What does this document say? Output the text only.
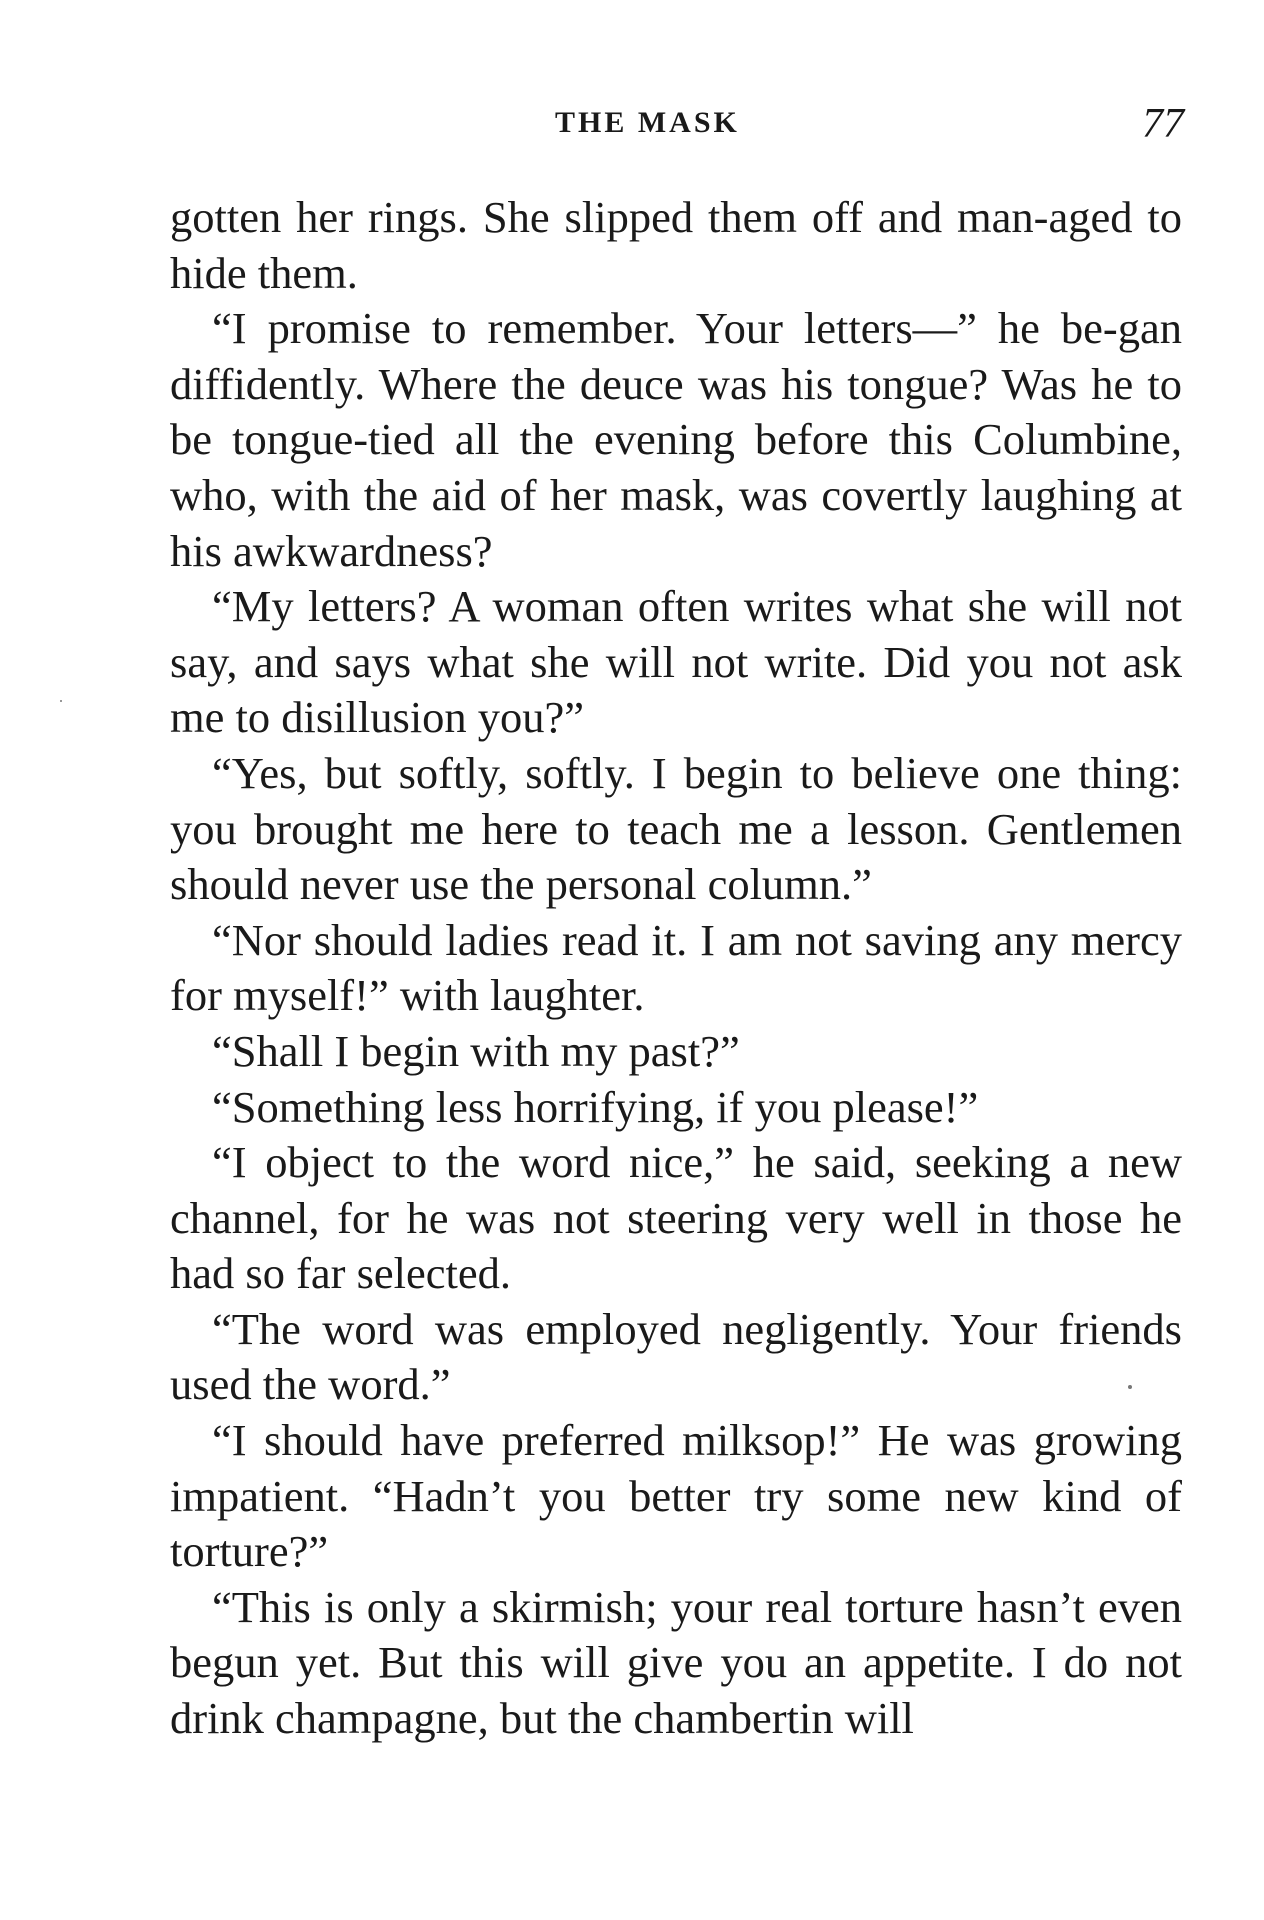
THE MASK	77

gotten her rings. She slipped them off and man-aged to hide them.

“I promise to remember. Your letters—” he be-gan diffidently. Where the deuce was his tongue? Was he to be tongue-tied all the evening before this Columbine, who, with the aid of her mask, was covertly laughing at his awkwardness?

“My letters? A woman often writes what she will not say, and says what she will not write. Did you not ask me to disillusion you?”

“Yes, but softly, softly. I begin to believe one thing: you brought me here to teach me a lesson. Gentlemen should never use the personal column.”

“Nor should ladies read it. I am not saving any mercy for myself!” with laughter.

“Shall I begin with my past?”

“Something less horrifying, if you please!”

“I object to the word nice,” he said, seeking a new channel, for he was not steering very well in those he had so far selected.

“The word was employed negligently. Your friends used the word.”

“I should have preferred milksop!” He was growing impatient. “Hadn’t you better try some new kind of torture?”

“This is only a skirmish; your real torture hasn’t even begun yet. But this will give you an appetite. I do not drink champagne, but the chambertin will
